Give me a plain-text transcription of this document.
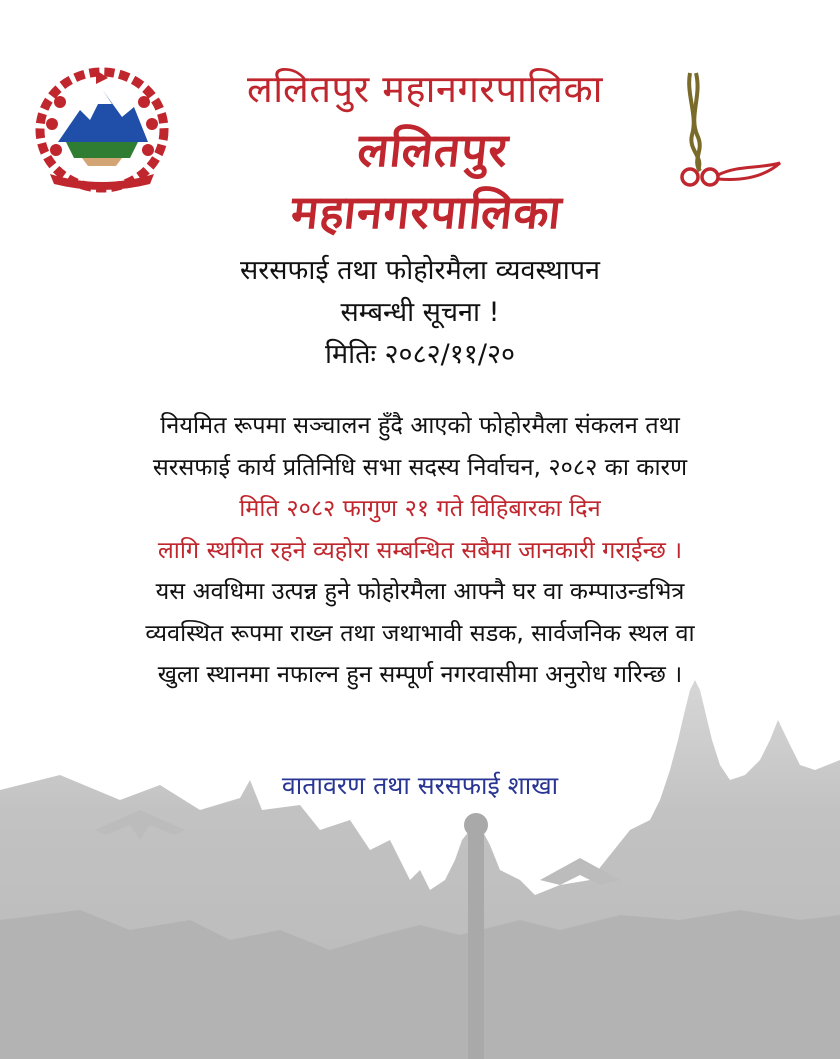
ललितपुर महानगरपालिका
ललितपुर महानगरपालिका
सरसफाई तथा फोहोरमैला व्यवस्थापन
सम्बन्धी सूचना !
मितिः २०८२/११/२०
नियमित रूपमा सञ्चालन हुँदै आएको फोहोरमैला संकलन तथा
सरसफाई कार्य प्रतिनिधि सभा सदस्य निर्वाचन, २०८२ का कारण
मिति २०८२ फागुण २१ गते विहिबारका दिन
लागि स्थगित रहने व्यहोरा सम्बन्धित सबैमा जानकारी गराईन्छ ।
यस अवधिमा उत्पन्न हुने फोहोरमैला आफ्नै घर वा कम्पाउन्डभित्र
व्यवस्थित रूपमा राख्न तथा जथाभावी सडक, सार्वजनिक स्थल वा
खुला स्थानमा नफाल्न हुन सम्पूर्ण नगरवासीमा अनुरोध गरिन्छ ।
वातावरण तथा सरसफाई शाखा
